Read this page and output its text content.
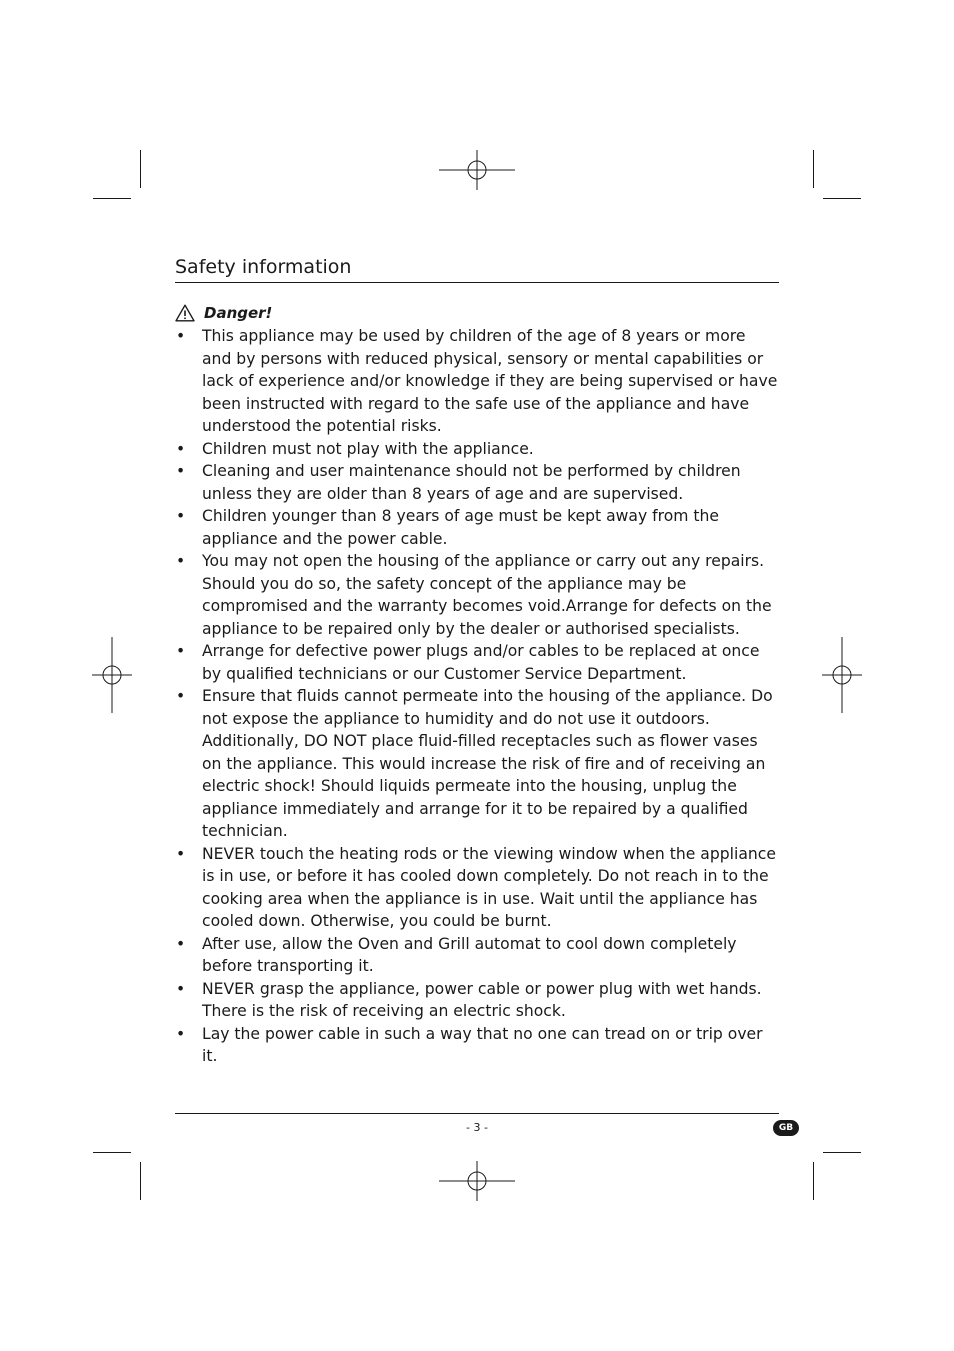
Safety information
Danger!
• This appliance may be used by children of the age of 8 years or more and by persons with reduced physical, sensory or mental capabilities or lack of experience and/or knowledge if they are being supervised or have been instructed with regard to the safe use of the appliance and have understood the potential risks.
• Children must not play with the appliance.
• Cleaning and user maintenance should not be performed by children unless they are older than 8 years of age and are supervised.
• Children younger than 8 years of age must be kept away from the appliance and the power cable.
• You may not open the housing of the appliance or carry out any repairs. Should you do so, the safety concept of the appliance may be compromised and the warranty becomes void.Arrange for defects on the appliance to be repaired only by the dealer or authorised specialists.
• Arrange for defective power plugs and/or cables to be replaced at once by qualified technicians or our Customer Service Department.
• Ensure that fluids cannot permeate into the housing of the appliance. Do not expose the appliance to humidity and do not use it outdoors. Additionally, DO NOT place fluid-filled receptacles such as flower vases on the appliance. This would increase the risk of fire and of receiving an electric shock! Should liquids permeate into the housing, unplug the appliance immediately and arrange for it to be repaired by a qualified technician.
• NEVER touch the heating rods or the viewing window when the appliance is in use, or before it has cooled down completely. Do not reach in to the cooking area when the appliance is in use. Wait until the appliance has cooled down. Otherwise, you could be burnt.
• After use, allow the Oven and Grill automat to cool down completely before transporting it.
• NEVER grasp the appliance, power cable or power plug with wet hands. There is the risk of receiving an electric shock.
• Lay the power cable in such a way that no one can tread on or trip over it.
- 3 -	GB
